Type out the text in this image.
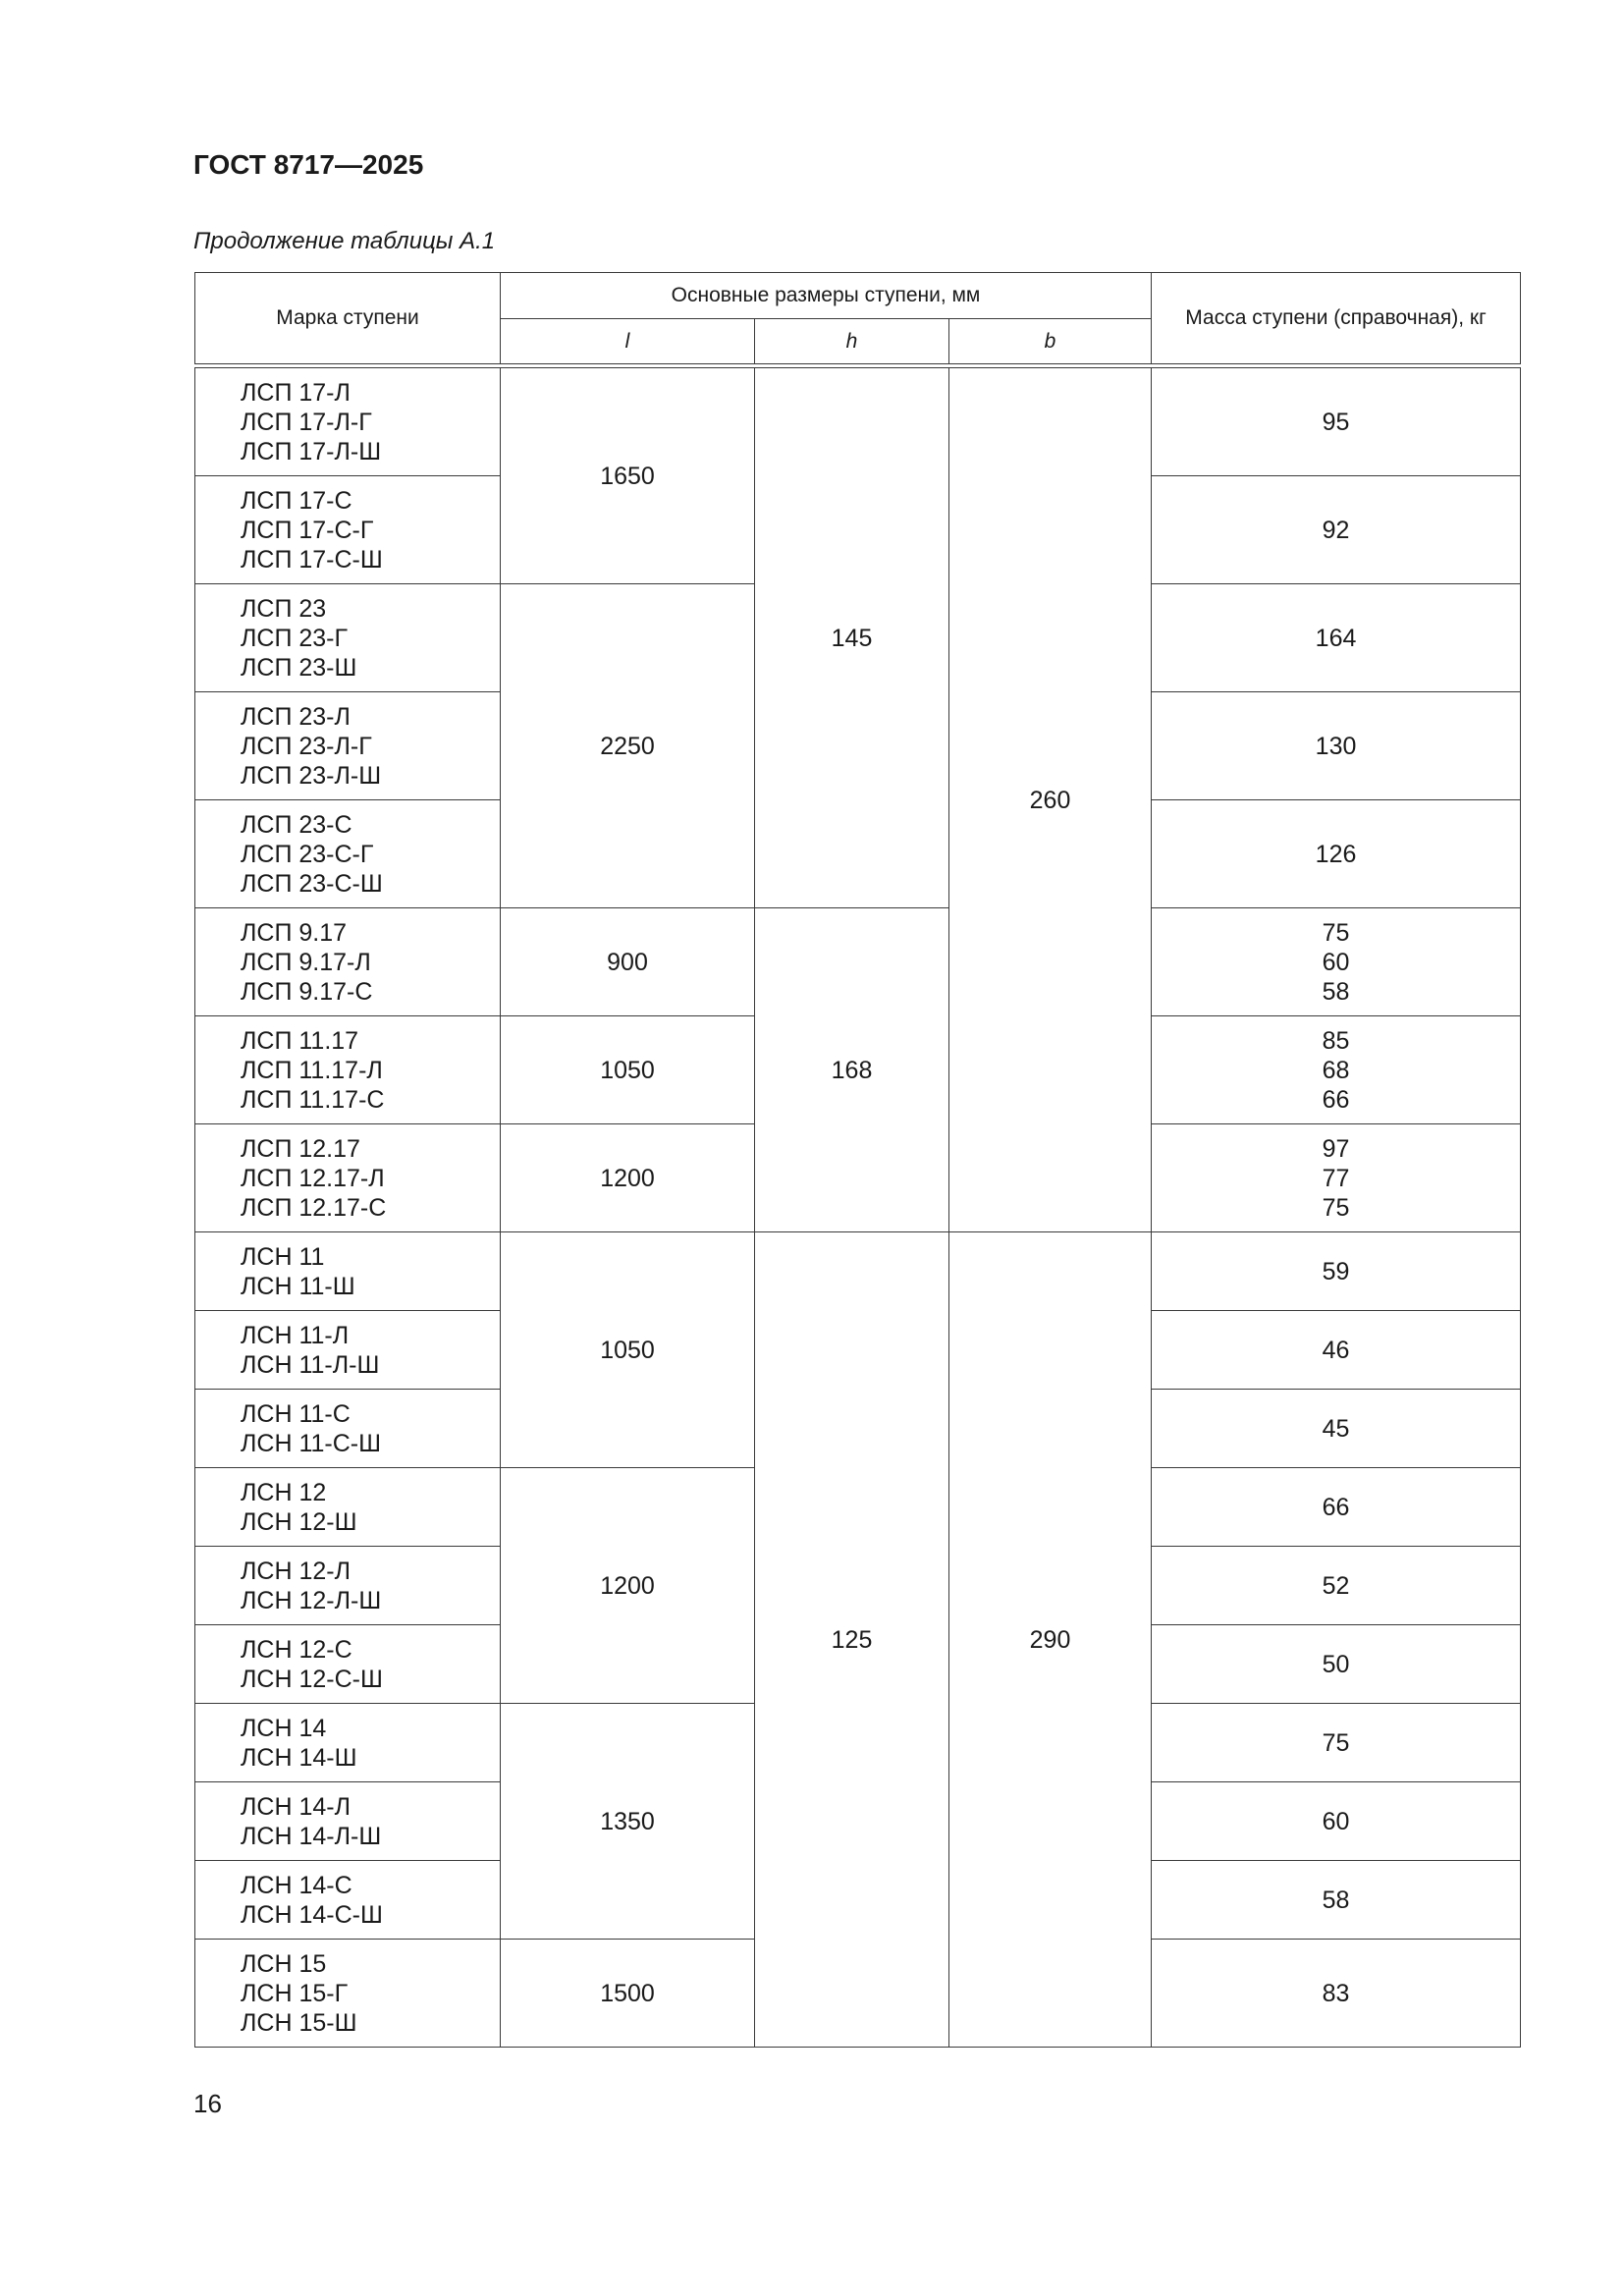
ГОСТ 8717—2025

Продолжение таблицы А.1

Марка ступени	Основные размеры ступени, мм			Масса ступени (справочная), кг
	l	h	b	

ЛСП 17-Л
ЛСП 17-Л-Г
ЛСП 17-Л-Ш	1650	145	260	95

ЛСП 17-С
ЛСП 17-С-Г
ЛСП 17-С-Ш				92

ЛСП 23
ЛСП 23-Г
ЛСП 23-Ш	2250			164

ЛСП 23-Л
ЛСП 23-Л-Г
ЛСП 23-Л-Ш				130

ЛСП 23-С
ЛСП 23-С-Г
ЛСП 23-С-Ш				126

ЛСП 9.17
ЛСП 9.17-Л
ЛСП 9.17-С	900	168		75
60
58

ЛСП 11.17
ЛСП 11.17-Л
ЛСП 11.17-С	1050			85
68
66

ЛСП 12.17
ЛСП 12.17-Л
ЛСП 12.17-С	1200			97
77
75

ЛСН 11
ЛСН 11-Ш	1050	125	290	59

ЛСН 11-Л
ЛСН 11-Л-Ш				46

ЛСН 11-С
ЛСН 11-С-Ш				45

ЛСН 12
ЛСН 12-Ш	1200			66

ЛСН 12-Л
ЛСН 12-Л-Ш				52

ЛСН 12-С
ЛСН 12-С-Ш				50

ЛСН 14
ЛСН 14-Ш	1350			75

ЛСН 14-Л
ЛСН 14-Л-Ш				60

ЛСН 14-С
ЛСН 14-С-Ш				58

ЛСН 15
ЛСН 15-Г
ЛСН 15-Ш	1500			83

16
